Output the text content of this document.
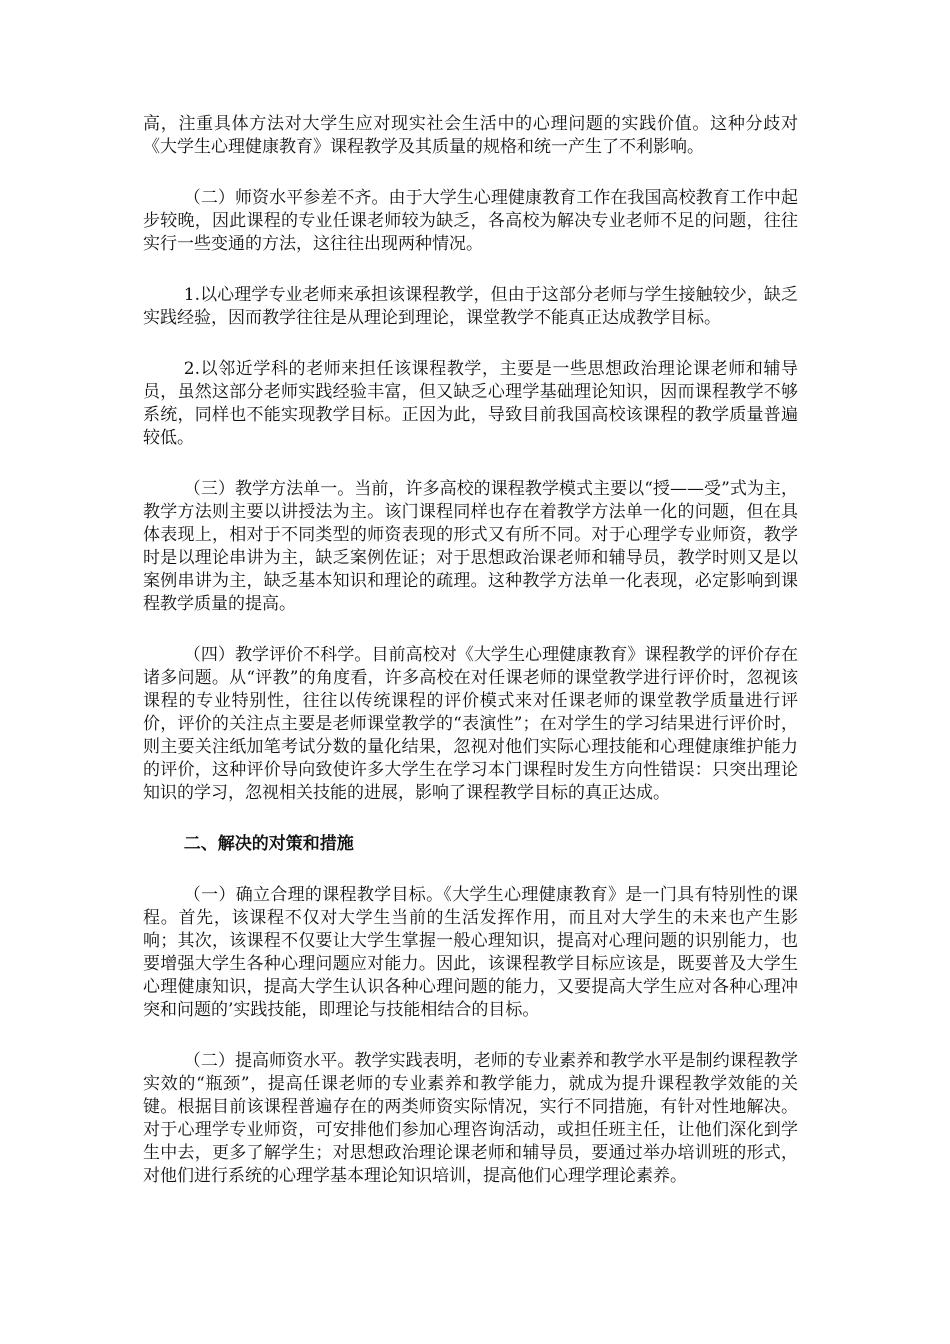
高，注重具体方法对大学生应对现实社会生活中的心理问题的实践价值。这种分歧对《大学生心理健康教育》课程教学及其质量的规格和统一产生了不利影响。

（二）师资水平参差不齐。由于大学生心理健康教育工作在我国高校教育工作中起步较晚，因此课程的专业任课老师较为缺乏，各高校为解决专业老师不足的问题，往往实行一些变通的方法，这往往出现两种情况。

1.以心理学专业老师来承担该课程教学，但由于这部分老师与学生接触较少，缺乏实践经验，因而教学往往是从理论到理论，课堂教学不能真正达成教学目标。

2.以邻近学科的老师来担任该课程教学，主要是一些思想政治理论课老师和辅导员，虽然这部分老师实践经验丰富，但又缺乏心理学基础理论知识，因而课程教学不够系统，同样也不能实现教学目标。正因为此，导致目前我国高校该课程的教学质量普遍较低。

（三）教学方法单一。当前，许多高校的课程教学模式主要以“授——受”式为主，教学方法则主要以讲授法为主。该门课程同样也存在着教学方法单一化的问题，但在具体表现上，相对于不同类型的师资表现的形式又有所不同。对于心理学专业师资，教学时是以理论串讲为主，缺乏案例佐证；对于思想政治课老师和辅导员，教学时则又是以案例串讲为主，缺乏基本知识和理论的疏理。这种教学方法单一化表现，必定影响到课程教学质量的提高。

（四）教学评价不科学。目前高校对《大学生心理健康教育》课程教学的评价存在诸多问题。从“评教”的角度看，许多高校在对任课老师的课堂教学进行评价时，忽视该课程的专业特别性，往往以传统课程的评价模式来对任课老师的课堂教学质量进行评价，评价的关注点主要是老师课堂教学的“表演性”；在对学生的学习结果进行评价时，则主要关注纸加笔考试分数的量化结果，忽视对他们实际心理技能和心理健康维护能力的评价，这种评价导向致使许多大学生在学习本门课程时发生方向性错误：只突出理论知识的学习，忽视相关技能的进展，影响了课程教学目标的真正达成。

二、解决的对策和措施

（一）确立合理的课程教学目标。《大学生心理健康教育》是一门具有特别性的课程。首先，该课程不仅对大学生当前的生活发挥作用，而且对大学生的未来也产生影响；其次，该课程不仅要让大学生掌握一般心理知识，提高对心理问题的识别能力，也要增强大学生各种心理问题应对能力。因此，该课程教学目标应该是，既要普及大学生心理健康知识，提高大学生认识各种心理问题的能力，又要提高大学生应对各种心理冲突和问题的’实践技能，即理论与技能相结合的目标。

（二）提高师资水平。教学实践表明，老师的专业素养和教学水平是制约课程教学实效的“瓶颈”，提高任课老师的专业素养和教学能力，就成为提升课程教学效能的关键。根据目前该课程普遍存在的两类师资实际情况，实行不同措施，有针对性地解决。对于心理学专业师资，可安排他们参加心理咨询活动，或担任班主任，让他们深化到学生中去，更多了解学生；对思想政治理论课老师和辅导员，要通过举办培训班的形式，对他们进行系统的心理学基本理论知识培训，提高他们心理学理论素养。
